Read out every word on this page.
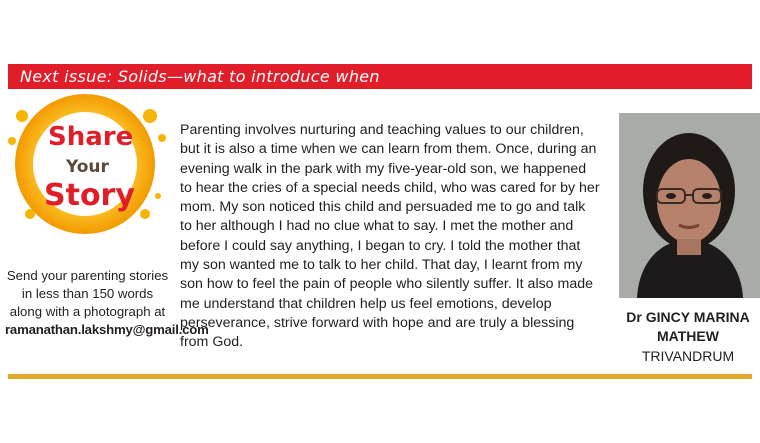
Next issue: Solids—what to introduce when
Share
Your
Story
Send your parenting stories in less than 150 words along with a photograph at
ramanathan.lakshmy@gmail.com

Parenting involves nurturing and teaching values to our children, but it is also a time when we can learn from them. Once, during an evening walk in the park with my five-year-old son, we happened to hear the cries of a special needs child, who was cared for by her mom. My son noticed this child and persuaded me to go and talk to her although I had no clue what to say. I met the mother and before I could say anything, I began to cry. I told the mother that my son wanted me to talk to her child. That day, I learnt from my son how to feel the pain of people who silently suffer. It also made me understand that children help us feel emotions, develop perseverance, strive forward with hope and are truly a blessing from God.

Dr GINCY MARINA MATHEW
TRIVANDRUM
